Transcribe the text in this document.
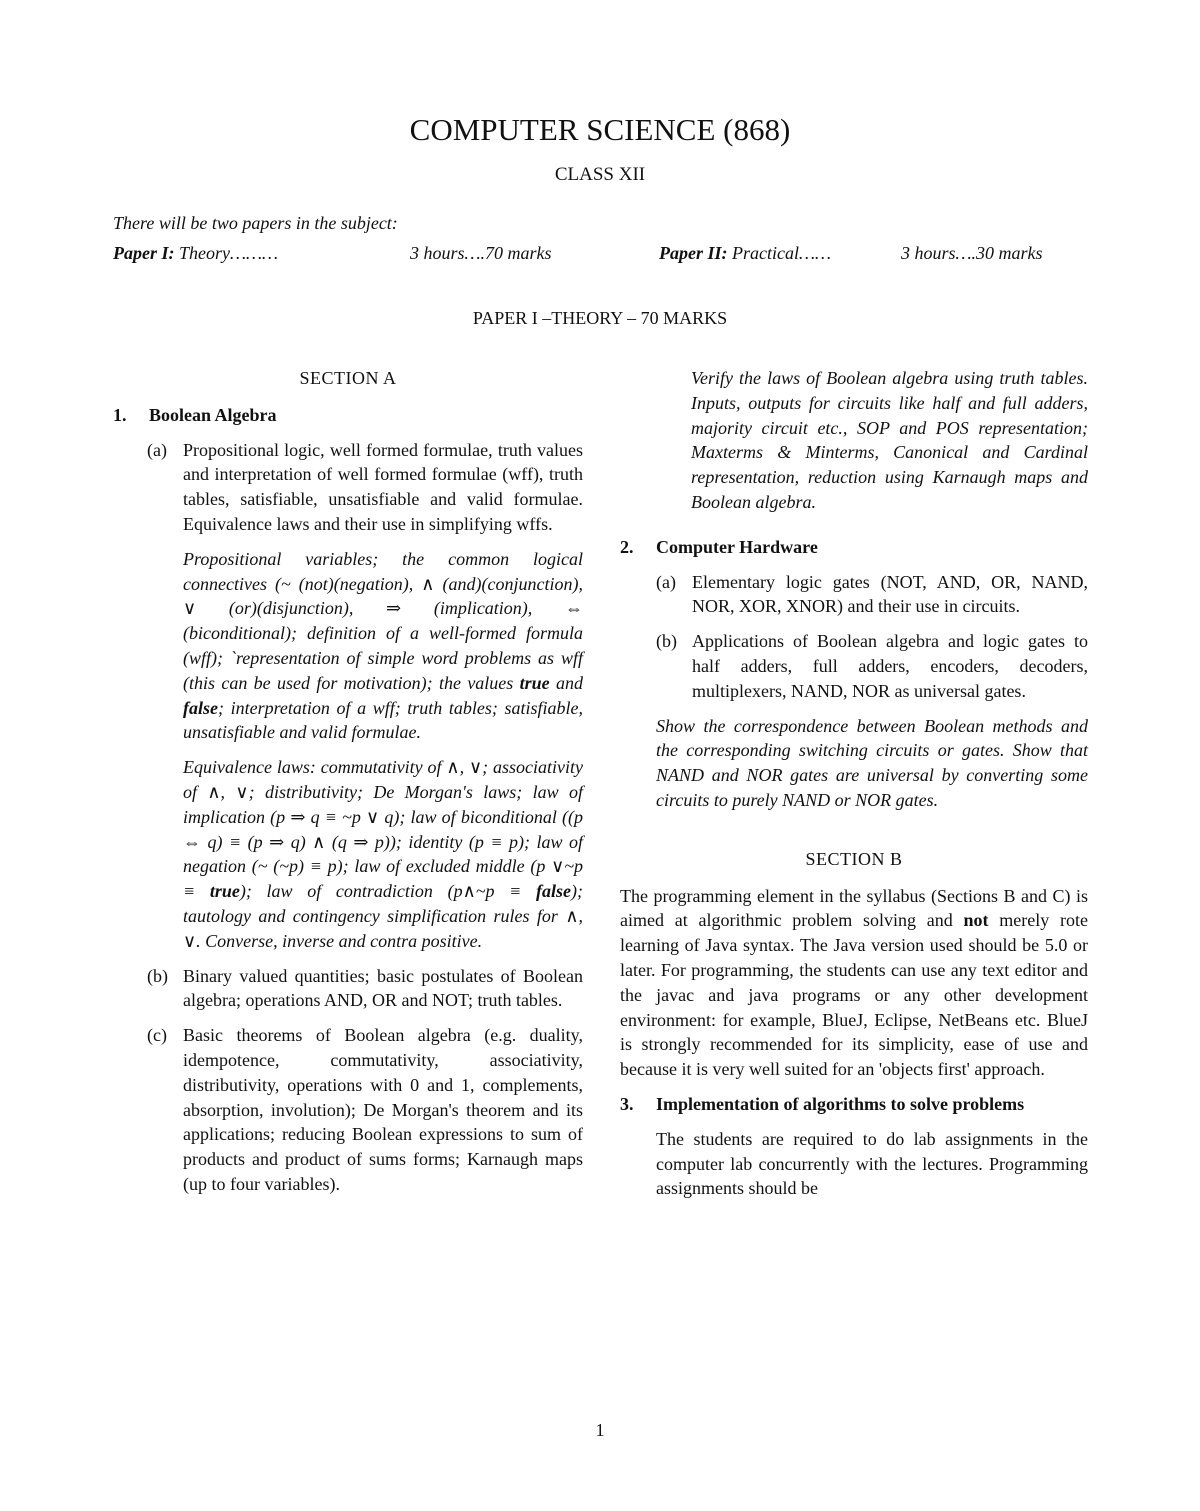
COMPUTER SCIENCE (868)

CLASS XII

There will be two papers in the subject:

Paper I: Theory………	3 hours….70 marks	Paper II: Practical……	3 hours….30 marks

PAPER I –THEORY – 70 MARKS

SECTION A

1.	Boolean Algebra
(a) Propositional logic, well formed formulae, truth values and interpretation of well formed formulae (wff), truth tables, satisfiable, unsatisfiable and valid formulae. Equivalence laws and their use in simplifying wffs.

Propositional variables; the common logical connectives (~ (not)(negation), ∧ (and)(conjunction), ∨ (or)(disjunction), ⇒ (implication), ⇔ (biconditional); definition of a well-formed formula (wff); `representation of simple word problems as wff (this can be used for motivation); the values true and false; interpretation of a wff; truth tables; satisfiable, unsatisfiable and valid formulae.

Equivalence laws: commutativity of ∧, ∨; associativity of ∧, ∨; distributivity; De Morgan's laws; law of implication (p ⇒ q ≡ ~p ∨ q); law of biconditional ((p ⇔ q) ≡ (p ⇒ q) ∧ (q ⇒ p)); identity (p ≡ p); law of negation (~ (~p) ≡ p); law of excluded middle (p ∨~p ≡ true); law of contradiction (p∧~p ≡ false); tautology and contingency simplification rules for ∧, ∨. Converse, inverse and contra positive.

(b) Binary valued quantities; basic postulates of Boolean algebra; operations AND, OR and NOT; truth tables.
(c) Basic theorems of Boolean algebra (e.g. duality, idempotence, commutativity, associativity, distributivity, operations with 0 and 1, complements, absorption, involution); De Morgan's theorem and its applications; reducing Boolean expressions to sum of products and product of sums forms; Karnaugh maps (up to four variables).

Verify the laws of Boolean algebra using truth tables. Inputs, outputs for circuits like half and full adders, majority circuit etc., SOP and POS representation; Maxterms & Minterms, Canonical and Cardinal representation, reduction using Karnaugh maps and Boolean algebra.

2.	Computer Hardware
(a) Elementary logic gates (NOT, AND, OR, NAND, NOR, XOR, XNOR) and their use in circuits.
(b) Applications of Boolean algebra and logic gates to half adders, full adders, encoders, decoders, multiplexers, NAND, NOR as universal gates.

Show the correspondence between Boolean methods and the corresponding switching circuits or gates. Show that NAND and NOR gates are universal by converting some circuits to purely NAND or NOR gates.

SECTION B

The programming element in the syllabus (Sections B and C) is aimed at algorithmic problem solving and not merely rote learning of Java syntax. The Java version used should be 5.0 or later. For programming, the students can use any text editor and the javac and java programs or any other development environment: for example, BlueJ, Eclipse, NetBeans etc. BlueJ is strongly recommended for its simplicity, ease of use and because it is very well suited for an 'objects first' approach.

3.	Implementation of algorithms to solve problems

The students are required to do lab assignments in the computer lab concurrently with the lectures. Programming assignments should be

1
